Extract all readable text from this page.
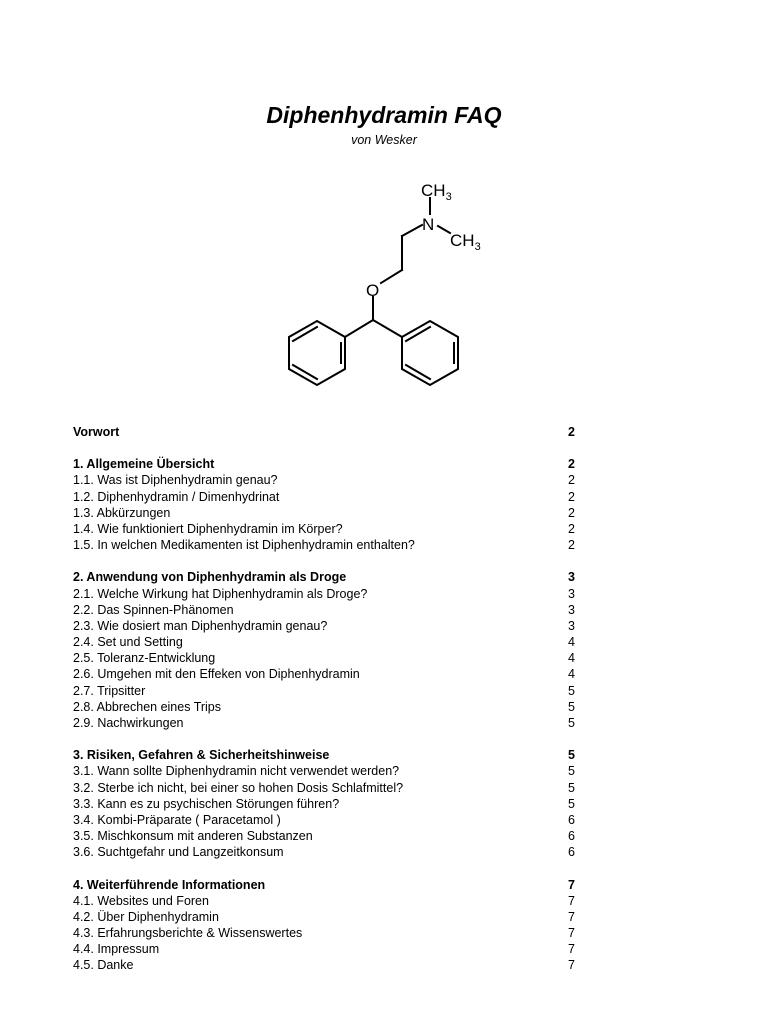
Diphenhydramin FAQ
von Wesker
$CH_3$
N
$CH_3$
O
Vorwort	2
1. Allgemeine Übersicht	2
1.1. Was ist Diphenhydramin genau?	2
1.2. Diphenhydramin / Dimenhydrinat	2
1.3. Abkürzungen	2
1.4. Wie funktioniert Diphenhydramin im Körper?	2
1.5. In welchen Medikamenten ist Diphenhydramin enthalten?	2
2. Anwendung von Diphenhydramin als Droge	3
2.1. Welche Wirkung hat Diphenhydramin als Droge?	3
2.2. Das Spinnen-Phänomen	3
2.3. Wie dosiert man Diphenhydramin genau?	3
2.4. Set und Setting	4
2.5. Toleranz-Entwicklung	4
2.6. Umgehen mit den Effeken von Diphenhydramin	4
2.7. Tripsitter	5
2.8. Abbrechen eines Trips	5
2.9. Nachwirkungen	5
3. Risiken, Gefahren & Sicherheitshinweise	5
3.1. Wann sollte Diphenhydramin nicht verwendet werden?	5
3.2. Sterbe ich nicht, bei einer so hohen Dosis Schlafmittel?	5
3.3. Kann es zu psychischen Störungen führen?	5
3.4. Kombi-Präparate ( Paracetamol )	6
3.5. Mischkonsum mit anderen Substanzen	6
3.6. Suchtgefahr und Langzeitkonsum	6
4. Weiterführende Informationen	7
4.1. Websites und Foren	7
4.2. Über Diphenhydramin	7
4.3. Erfahrungsberichte & Wissenswertes	7
4.4. Impressum	7
4.5. Danke	7
